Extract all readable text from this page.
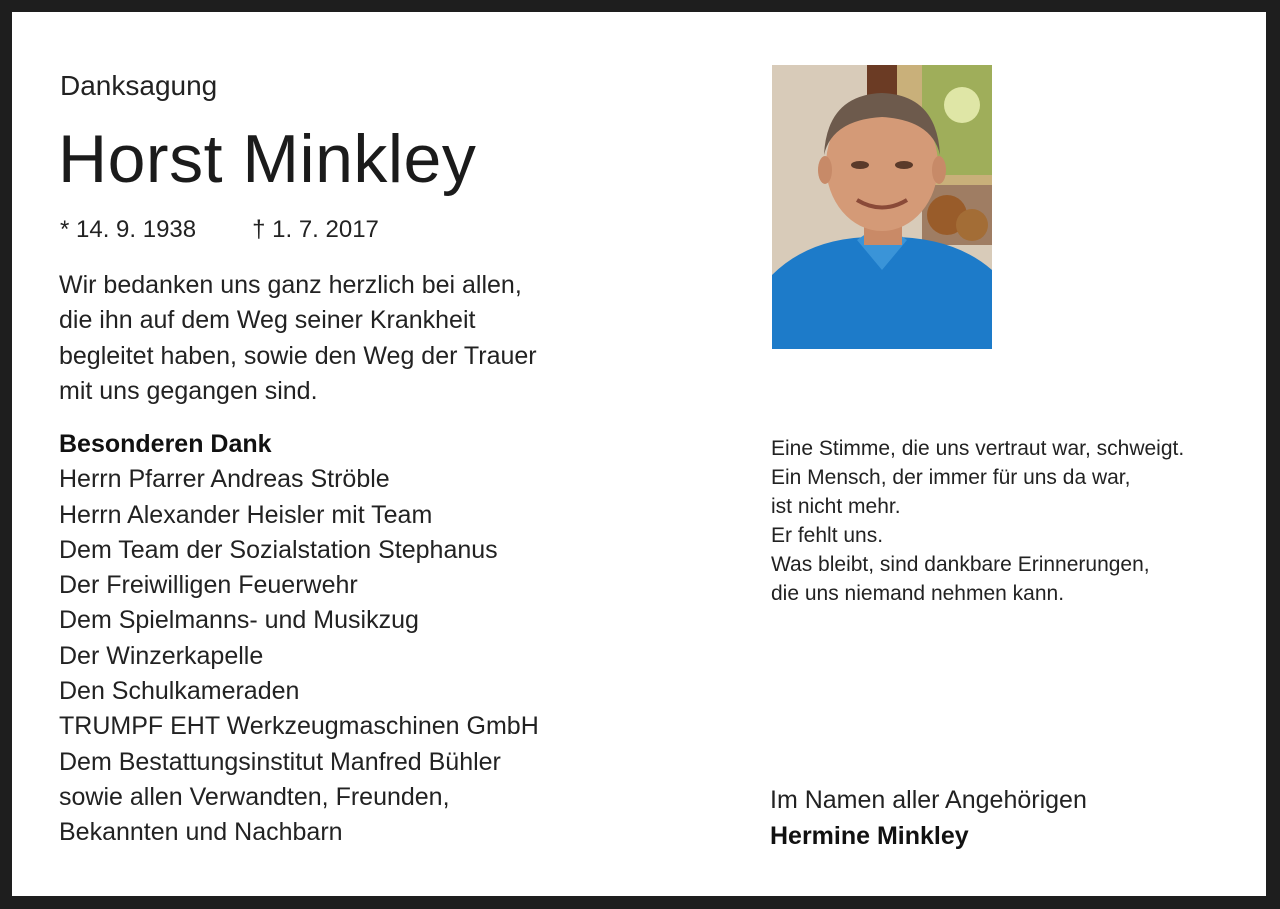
Danksagung

Horst Minkley

* 14. 9. 1938 † 1. 7. 2017

Wir bedanken uns ganz herzlich bei allen,
die ihn auf dem Weg seiner Krankheit
begleitet haben, sowie den Weg der Trauer
mit uns gegangen sind.
Besonderen Dank
Herrn Pfarrer Andreas Ströble
Herrn Alexander Heisler mit Team
Dem Team der Sozialstation Stephanus
Der Freiwilligen Feuerwehr
Dem Spielmanns- und Musikzug
Der Winzerkapelle
Den Schulkameraden
TRUMPF EHT Werkzeugmaschinen GmbH
Dem Bestattungsinstitut Manfred Bühler
sowie allen Verwandten, Freunden,
Bekannten und Nachbarn
Eine Stimme, die uns vertraut war, schweigt.
Ein Mensch, der immer für uns da war,
ist nicht mehr.
Er fehlt uns.
Was bleibt, sind dankbare Erinnerungen,
die uns niemand nehmen kann.
Im Namen aller Angehörigen
Hermine Minkley
